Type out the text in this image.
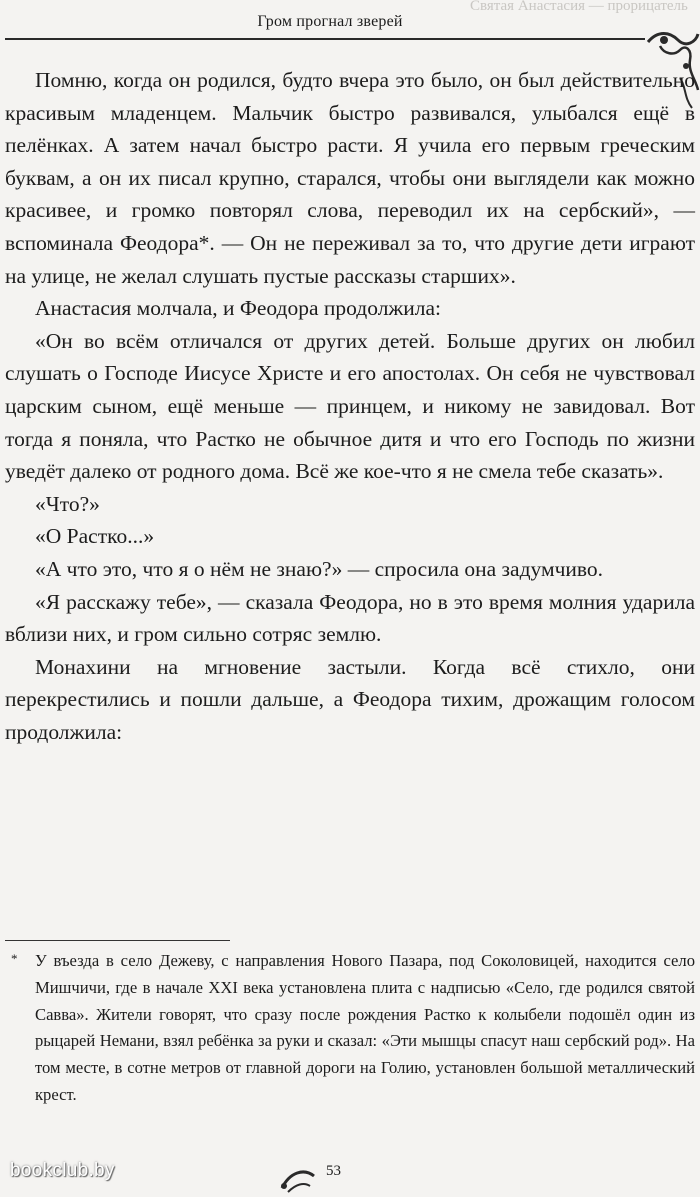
Святая Анастасия — прорицатель
Гром прогнал зверей

Помню, когда он родился, будто вчера это было, он был действительно красивым младенцем. Мальчик быстро развивался, улыбался ещё в пелёнках. А затем начал быстро расти. Я учила его первым греческим буквам, а он их писал крупно, старался, чтобы они выглядели как можно красивее, и громко повторял слова, переводил их на сербский», — вспоминала Феодора*. — Он не переживал за то, что другие дети играют на улице, не желал слушать пустые рассказы старших».

Анастасия молчала, и Феодора продолжила:

«Он во всём отличался от других детей. Больше других он любил слушать о Господе Иисусе Христе и его апостолах. Он себя не чувствовал царским сыном, ещё меньше — принцем, и никому не завидовал. Вот тогда я поняла, что Растко не обычное дитя и что его Господь по жизни уведёт далеко от родного дома. Всё же кое-что я не смела тебе сказать».

«Что?»

«О Растко...»

«А что это, что я о нём не знаю?» — спросила она задумчиво.

«Я расскажу тебе», — сказала Феодора, но в это время молния ударила вблизи них, и гром сильно сотряс землю.

Монахини на мгновение застыли. Когда всё стихло, они перекрестились и пошли дальше, а Феодора тихим, дрожащим голосом продолжила:

*	У въезда в село Дежеву, с направления Нового Пазара, под Соколовицей, находится село Мишчичи, где в начале XXI века установлена плита с надписью «Село, где родился святой Савва». Жители говорят, что сразу после рождения Растко к колыбели подошёл один из рыцарей Немани, взял ребёнка за руки и сказал: «Эти мышцы спасут наш сербский род». На том месте, в сотне метров от главной дороги на Голию, установлен большой металлический крест.
53
bookclub.by
